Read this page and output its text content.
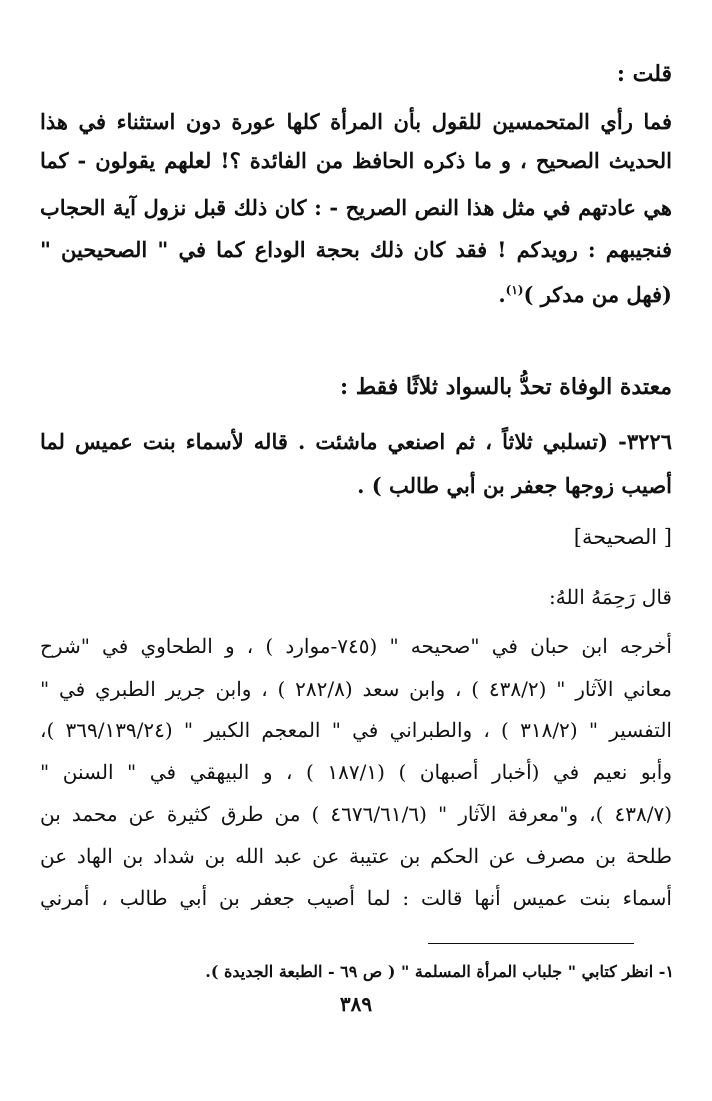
قلت :
فما رأي المتحمسين للقول بأن المرأة كلها عورة دون استثناء في هذا
الحديث الصحيح ، و ما ذكره الحافظ من الفائدة ؟! لعلهم يقولون - كما
هي عادتهم في مثل هذا النص الصريح - : كان ذلك قبل نزول آية الحجاب
فنجيبهم : رويدكم ! فقد كان ذلك بحجة الوداع كما في " الصحيحين "
(فهل من مدكر )$^{(١)}$.
معتدة الوفاة تحدُّ بالسواد ثلاثًا فقط :
٣٢٢٦- (تسلبي ثلاثاً ، ثم اصنعي ماشئت . قاله لأسماء بنت عميس لما
أصيب زوجها جعفر بن أبي طالب ) .
[ الصحيحة]
قال رَحِمَهُ اللهُ:
أخرجه ابن حبان في "صحيحه " (٧٤٥-موارد ) ، و الطحاوي في "شرح
معاني الآثار " (٤٣٨/٢ ) ، وابن سعد (٢٨٢/٨ ) ، وابن جرير الطبري في "
التفسير " (٣١٨/٢ ) ، والطبراني في " المعجم الكبير " (٣٦٩/١٣٩/٢٤ )،
وأبو نعيم في (أخبار أصبهان ) (١٨٧/١ ) ، و البيهقي في " السنن "
(٤٣٨/٧ )، و"معرفة الآثار " (٤٦٧٦/٦١/٦ ) من طرق كثيرة عن محمد بن
طلحة بن مصرف عن الحكم بن عتيبة عن عبد الله بن شداد بن الهاد عن
أسماء بنت عميس أنها قالت : لما أصيب جعفر بن أبي طالب ، أمرني
١- انظر كتابي " جلباب المرأة المسلمة " ( ص ٦٩ - الطبعة الجديدة ).
٣٨٩
